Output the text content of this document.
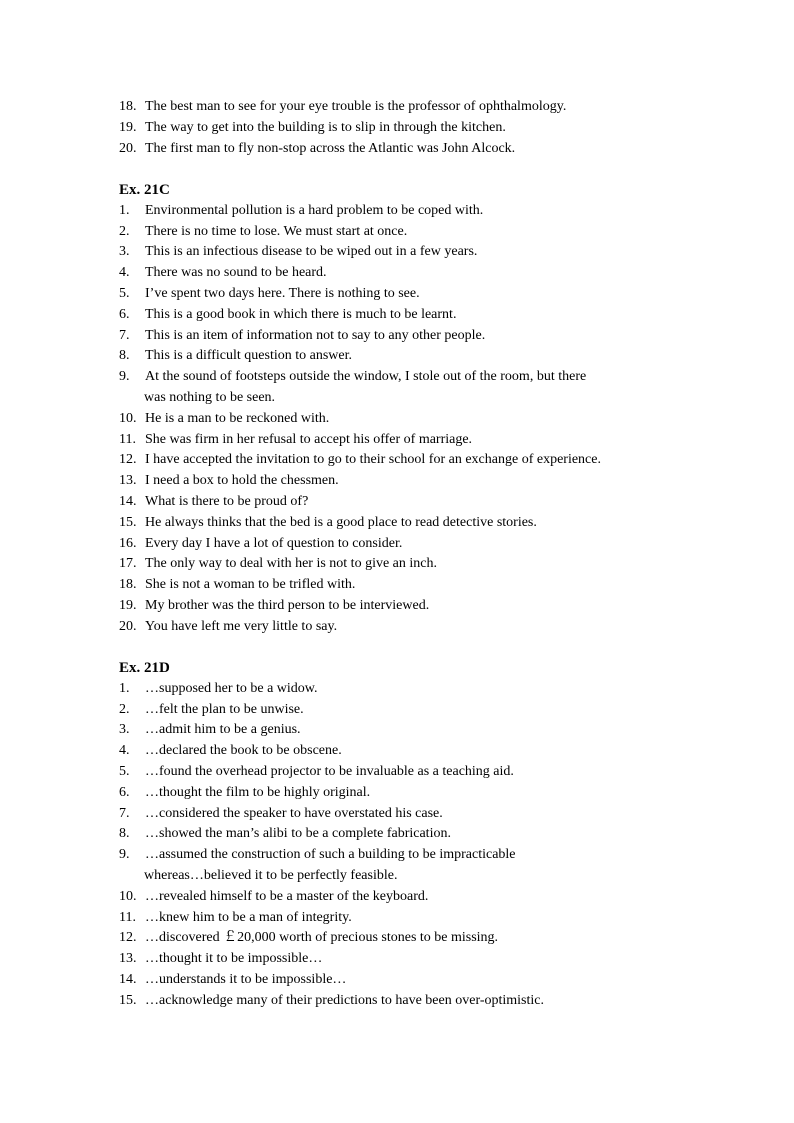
18. The best man to see for your eye trouble is the professor of ophthalmology.
19. The way to get into the building is to slip in through the kitchen.
20. The first man to fly non-stop across the Atlantic was John Alcock.
Ex. 21C
1. Environmental pollution is a hard problem to be coped with.
2. There is no time to lose. We must start at once.
3. This is an infectious disease to be wiped out in a few years.
4. There was no sound to be heard.
5. I’ve spent two days here. There is nothing to see.
6. This is a good book in which there is much to be learnt.
7. This is an item of information not to say to any other people.
8. This is a difficult question to answer.
9. At the sound of footsteps outside the window, I stole out of the room, but there
was nothing to be seen.
10. He is a man to be reckoned with.
11. She was firm in her refusal to accept his offer of marriage.
12. I have accepted the invitation to go to their school for an exchange of experience.
13. I need a box to hold the chessmen.
14. What is there to be proud of?
15. He always thinks that the bed is a good place to read detective stories.
16. Every day I have a lot of question to consider.
17. The only way to deal with her is not to give an inch.
18. She is not a woman to be trifled with.
19. My brother was the third person to be interviewed.
20. You have left me very little to say.
Ex. 21D
1. …supposed her to be a widow.
2. …felt the plan to be unwise.
3. …admit him to be a genius.
4. …declared the book to be obscene.
5. …found the overhead projector to be invaluable as a teaching aid.
6. …thought the film to be highly original.
7. …considered the speaker to have overstated his case.
8. …showed the man’s alibi to be a complete fabrication.
9. …assumed the construction of such a building to be impracticable
whereas…believed it to be perfectly feasible.
10. …revealed himself to be a master of the keyboard.
11. …knew him to be a man of integrity.
12. …discovered ￡20,000 worth of precious stones to be missing.
13. …thought it to be impossible…
14. …understands it to be impossible…
15. …acknowledge many of their predictions to have been over-optimistic.
